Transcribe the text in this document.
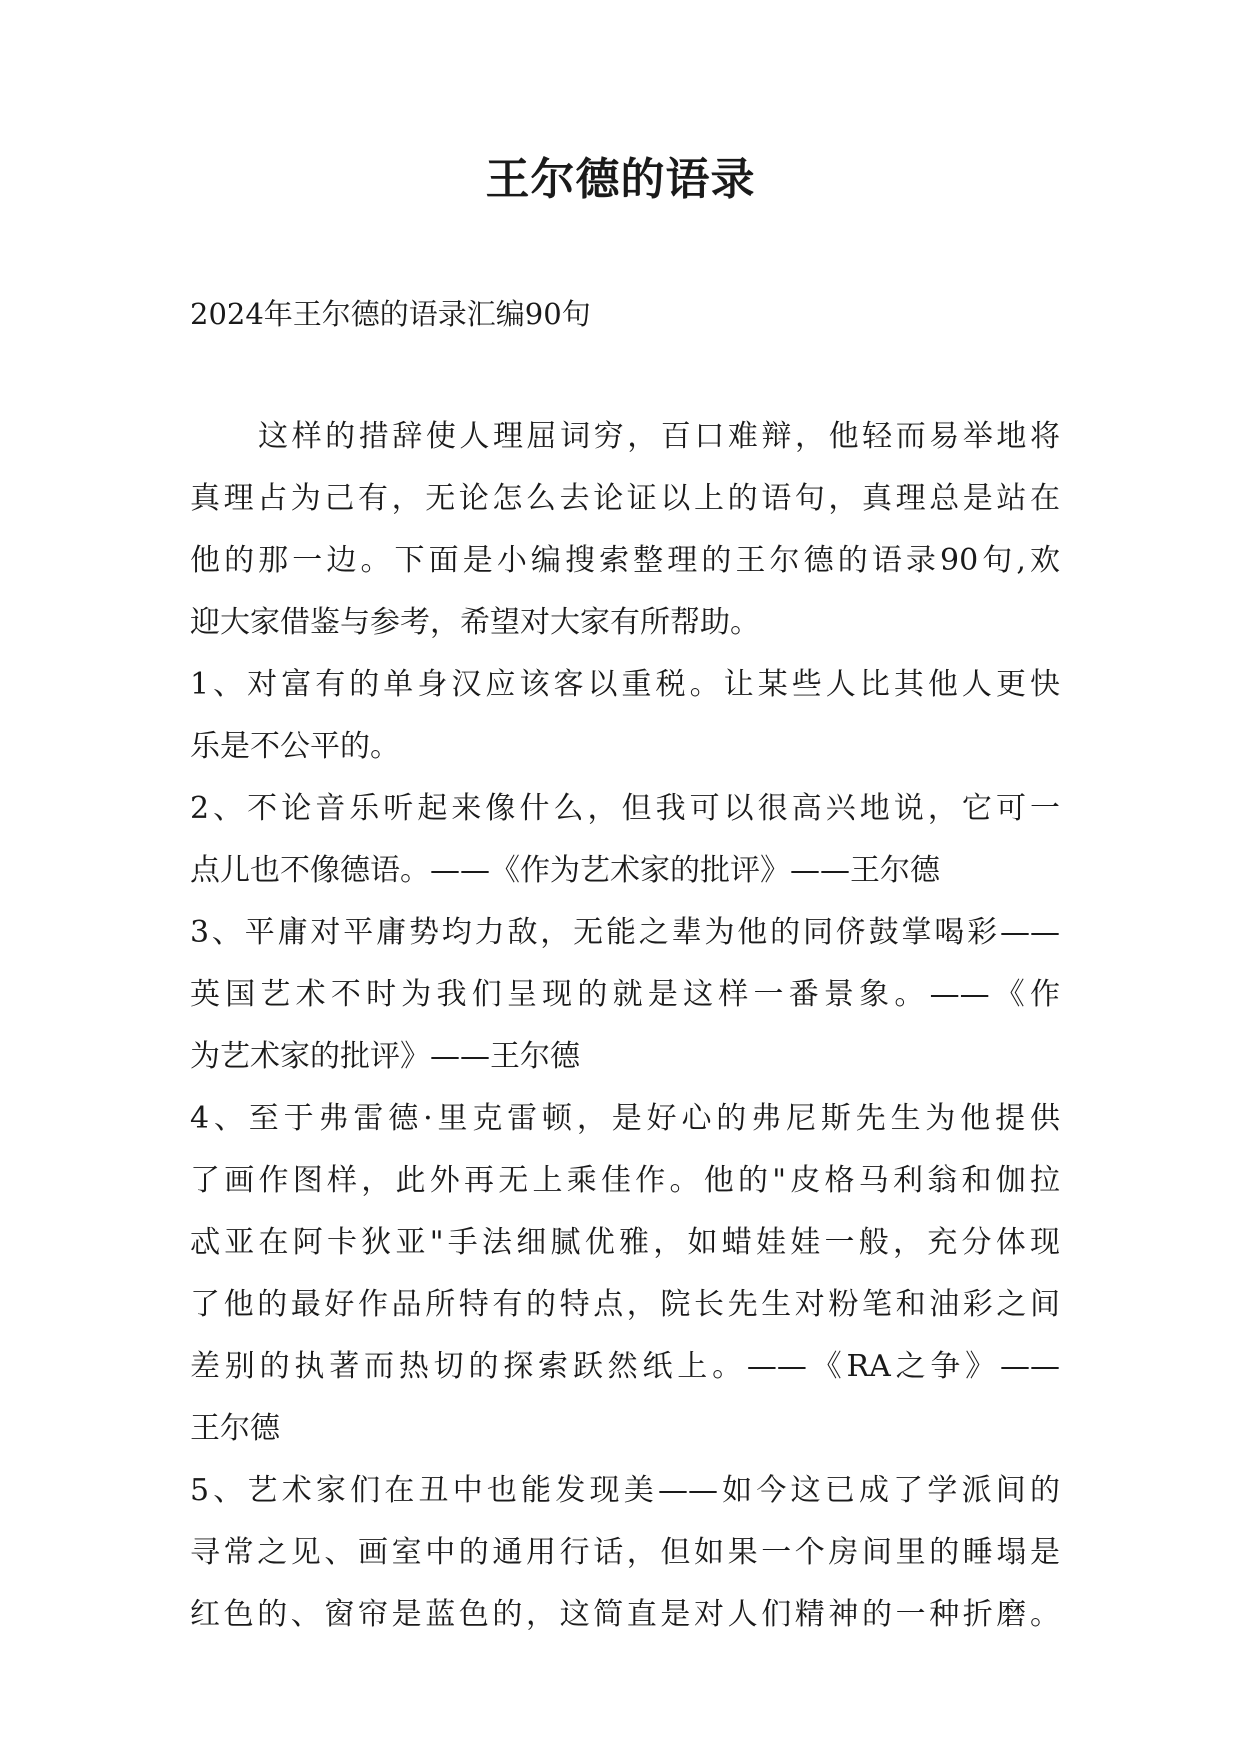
王尔德的语录
2024年王尔德的语录汇编90句
这样的措辞使人理屈词穷，百口难辩，他轻而易举地将
真理占为己有，无论怎么去论证以上的语句，真理总是站在
他的那一边。下面是小编搜索整理的王尔德的语录90句,欢
迎大家借鉴与参考，希望对大家有所帮助。
1、对富有的单身汉应该客以重税。让某些人比其他人更快
乐是不公平的。
2、不论音乐听起来像什么，但我可以很高兴地说，它可一
点儿也不像德语。——《作为艺术家的批评》——王尔德
3、平庸对平庸势均力敌，无能之辈为他的同侪鼓掌喝彩——
英国艺术不时为我们呈现的就是这样一番景象。——《作
为艺术家的批评》——王尔德
4、至于弗雷德·里克雷顿，是好心的弗尼斯先生为他提供
了画作图样，此外再无上乘佳作。他的"皮格马利翁和伽拉
忒亚在阿卡狄亚"手法细腻优雅，如蜡娃娃一般，充分体现
了他的最好作品所特有的特点，院长先生对粉笔和油彩之间
差别的执著而热切的探索跃然纸上。——《RA之争》——
王尔德
5、艺术家们在丑中也能发现美——如今这已成了学派间的
寻常之见、画室中的通用行话，但如果一个房间里的睡塌是
红色的、窗帘是蓝色的，这简直是对人们精神的一种折磨。
